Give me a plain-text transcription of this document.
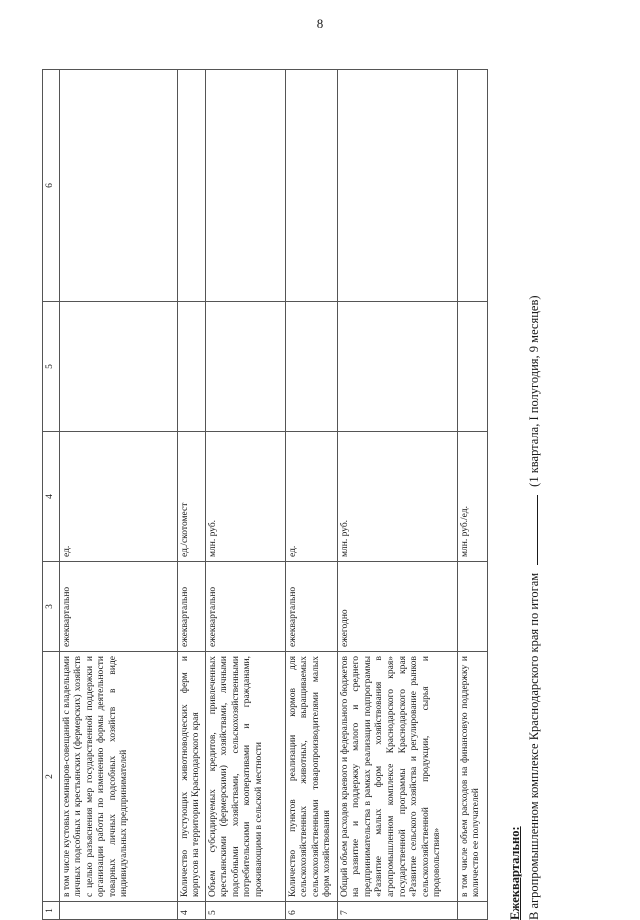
8
1	2	3	4	5	6
	в том числе кустовых семинаров-совещаний с владельцами личных подсобных и крестьянских (фермерских) хозяйств с целью разъяснения мер государственной поддержки и организации работы по изменению формы деятельности товарных личных подсобных хозяйств в виде индивидуальных предпринимателей	ежеквартально	ед.		
4	Количество пустующих животноводческих ферм и корпусов на территории Краснодарского края	ежеквартально	ед./скотомест		
5	Объем субсидируемых кредитов, привлеченных крестьянскими (фермерскими) хозяйствами, личными подсобными хозяйствами, сельскохозяйственными потребительскими кооперативами и гражданами, проживающими в сельской местности	ежеквартально	млн. руб.		
6	Количество пунктов реализации кормов для сельскохозяйственных животных, выращиваемых сельскохозяйственными товаропроизводителями малых форм хозяйствования	ежеквартально	ед.		
7	Общий объем расходов краевого и федерального бюджетов на развитие и поддержку малого и среднего предпринимательства в рамках реализации подпрограммы «Развитие малых форм хозяйствования в агропромышленном комплексе Краснодарского края» государственной программы Краснодарского края «Развитие сельского хозяйства и регулирование рынков сельскохозяйственной продукции, сырья и продовольствия»	ежегодно	млн. руб.		
	в том числе объем расходов на финансовую поддержку и количество ее получателей		млн. руб./ед.		
Ежеквартально: В агропромышленном комплексе Краснодарского края по итогам(1 квартала, I полугодия, 9 месяцев)
